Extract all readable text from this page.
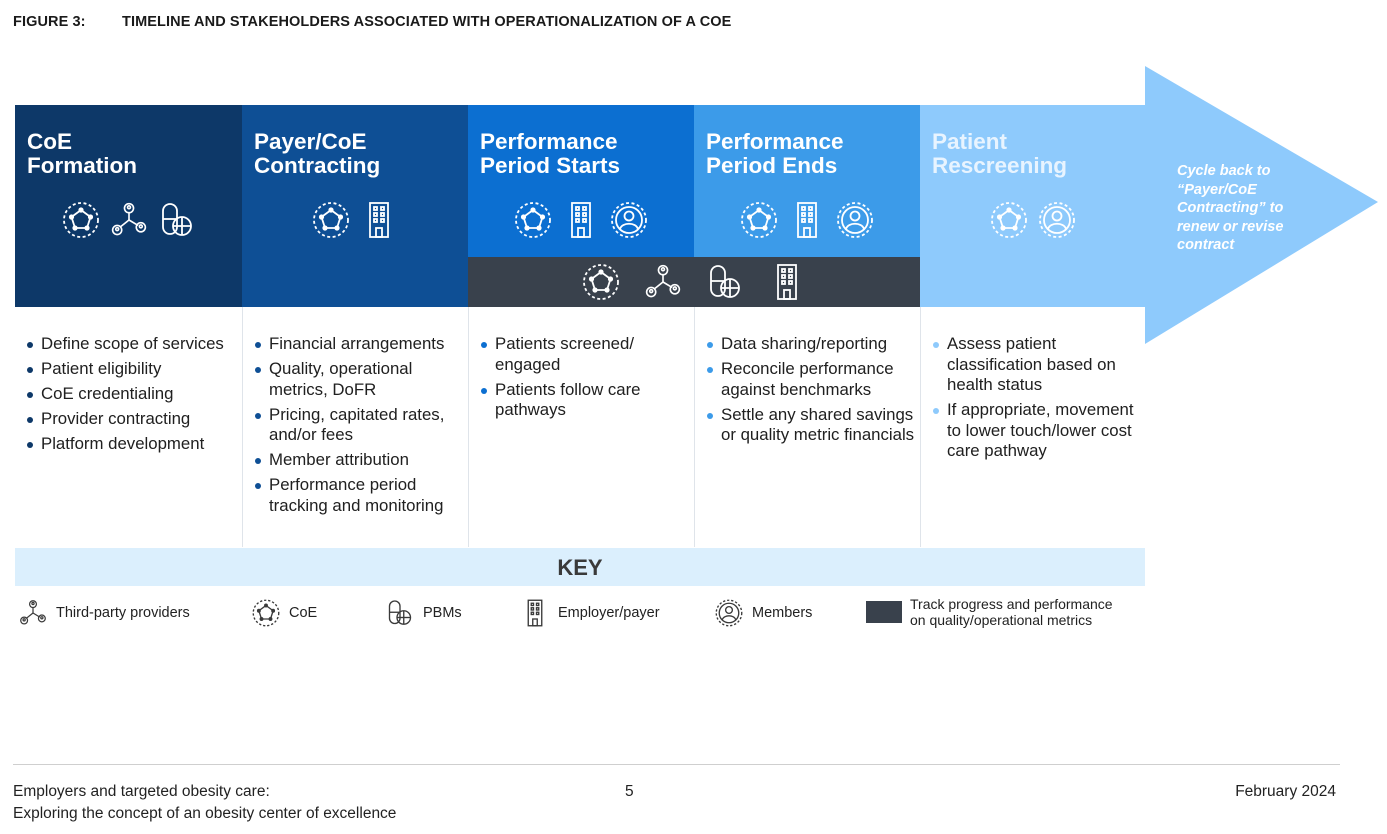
FIGURE 3:	TIMELINE AND STAKEHOLDERS ASSOCIATED WITH OPERATIONALIZATION OF A COE
CoE
Formation
Payer/CoE
Contracting
Performance
Period Starts
Performance
Period Ends
Patient
Rescreening	Cycle back to “Payer/CoE Contracting” to renew or revise contract
Define scope of services
Patient eligibility
CoE credentialing
Provider contracting
Platform development
Financial arrangements
Quality, operational metrics, DoFR
Pricing, capitated rates, and/or fees
Member attribution
Performance period tracking and monitoring
Patients screened/ engaged
Patients follow care pathways
Data sharing/reporting
Reconcile performance against benchmarks
Settle any shared savings or quality metric financials
Assess patient classification based on health status
If appropriate, movement to lower touch/lower cost care pathway
KEY
Third-party providers	CoE	PBMs	Employer/payer	Members
Track progress and performance
on quality/operational metrics
Employers and targeted obesity care:
Exploring the concept of an obesity center of excellence
5	February 2024
